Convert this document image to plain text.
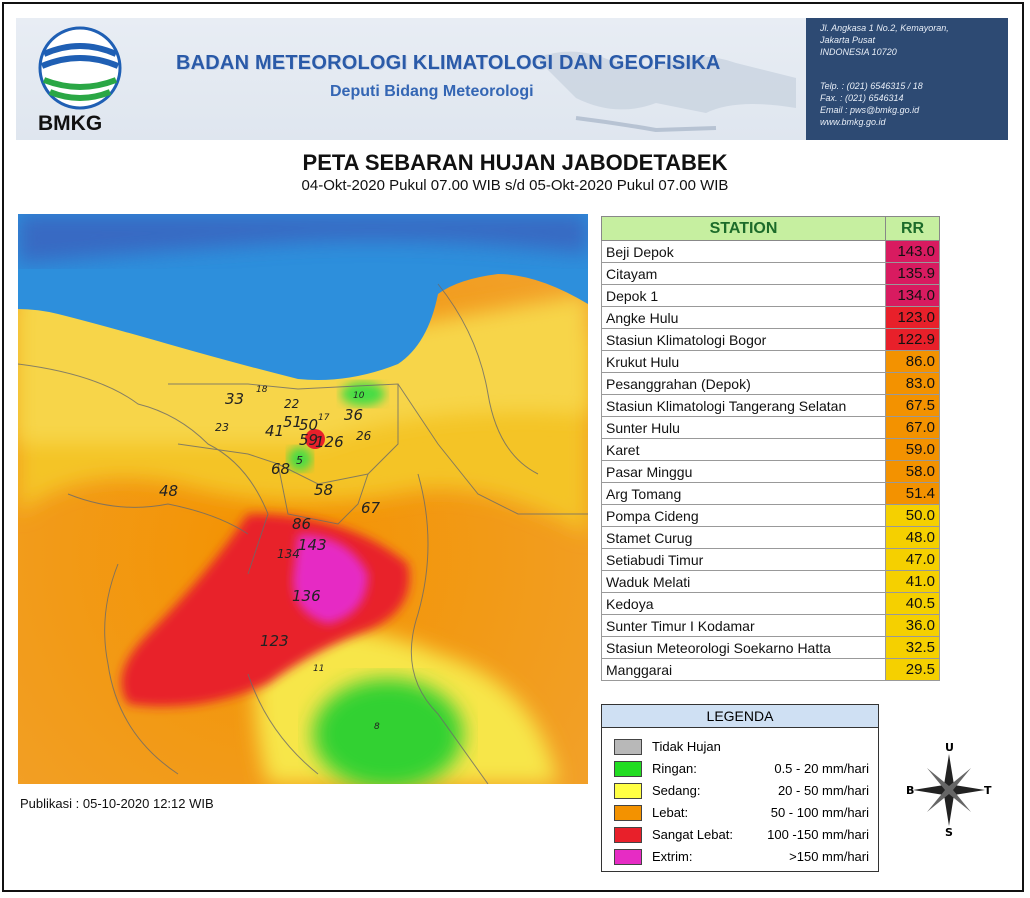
BMKG
BADAN METEOROLOGI KLIMATOLOGI DAN GEOFISIKA
Deputi Bidang Meteorologi
Jl. Angkasa 1 No.2, Kemayoran,
Jakarta Pusat
INDONESIA 10720
Telp. : (021) 6546315 / 18
Fax. : (021) 6546314
Email : pws@bmkg.go.id
www.bmkg.go.id
PETA SEBARAN HUJAN JABODETABEK
04-Okt-2020 Pukul 07.00 WIB s/d 05-Okt-2020 Pukul 07.00 WIB
33	22
23 41
51
50
36
26
59
126
68 5
48	58
67
86
143
134
136
123
18
10
17
8
11
Publikasi : 05-10-2020 12:12 WIB
STATION	RR
Beji Depok	143.0
Citayam	135.9
Depok 1	134.0
Angke Hulu	123.0
Stasiun Klimatologi Bogor	122.9
Krukut Hulu	86.0
Pesanggrahan (Depok)	83.0
Stasiun Klimatologi Tangerang Selatan	67.5
Sunter Hulu	67.0
Karet	59.0
Pasar Minggu	58.0
Arg Tomang	51.4
Pompa Cideng	50.0
Stamet Curug	48.0
Setiabudi Timur	47.0
Waduk Melati	41.0
Kedoya	40.5
Sunter Timur I Kodamar	36.0
Stasiun Meteorologi Soekarno Hatta	32.5
Manggarai	29.5
LEGENDA
Tidak Hujan
Ringan:	0.5 - 20 mm/hari
Sedang:	20 - 50 mm/hari
Lebat:	50 - 100 mm/hari
Sangat Lebat:	100 -150 mm/hari
Extrim:	>150 mm/hari
U
S
T
B
